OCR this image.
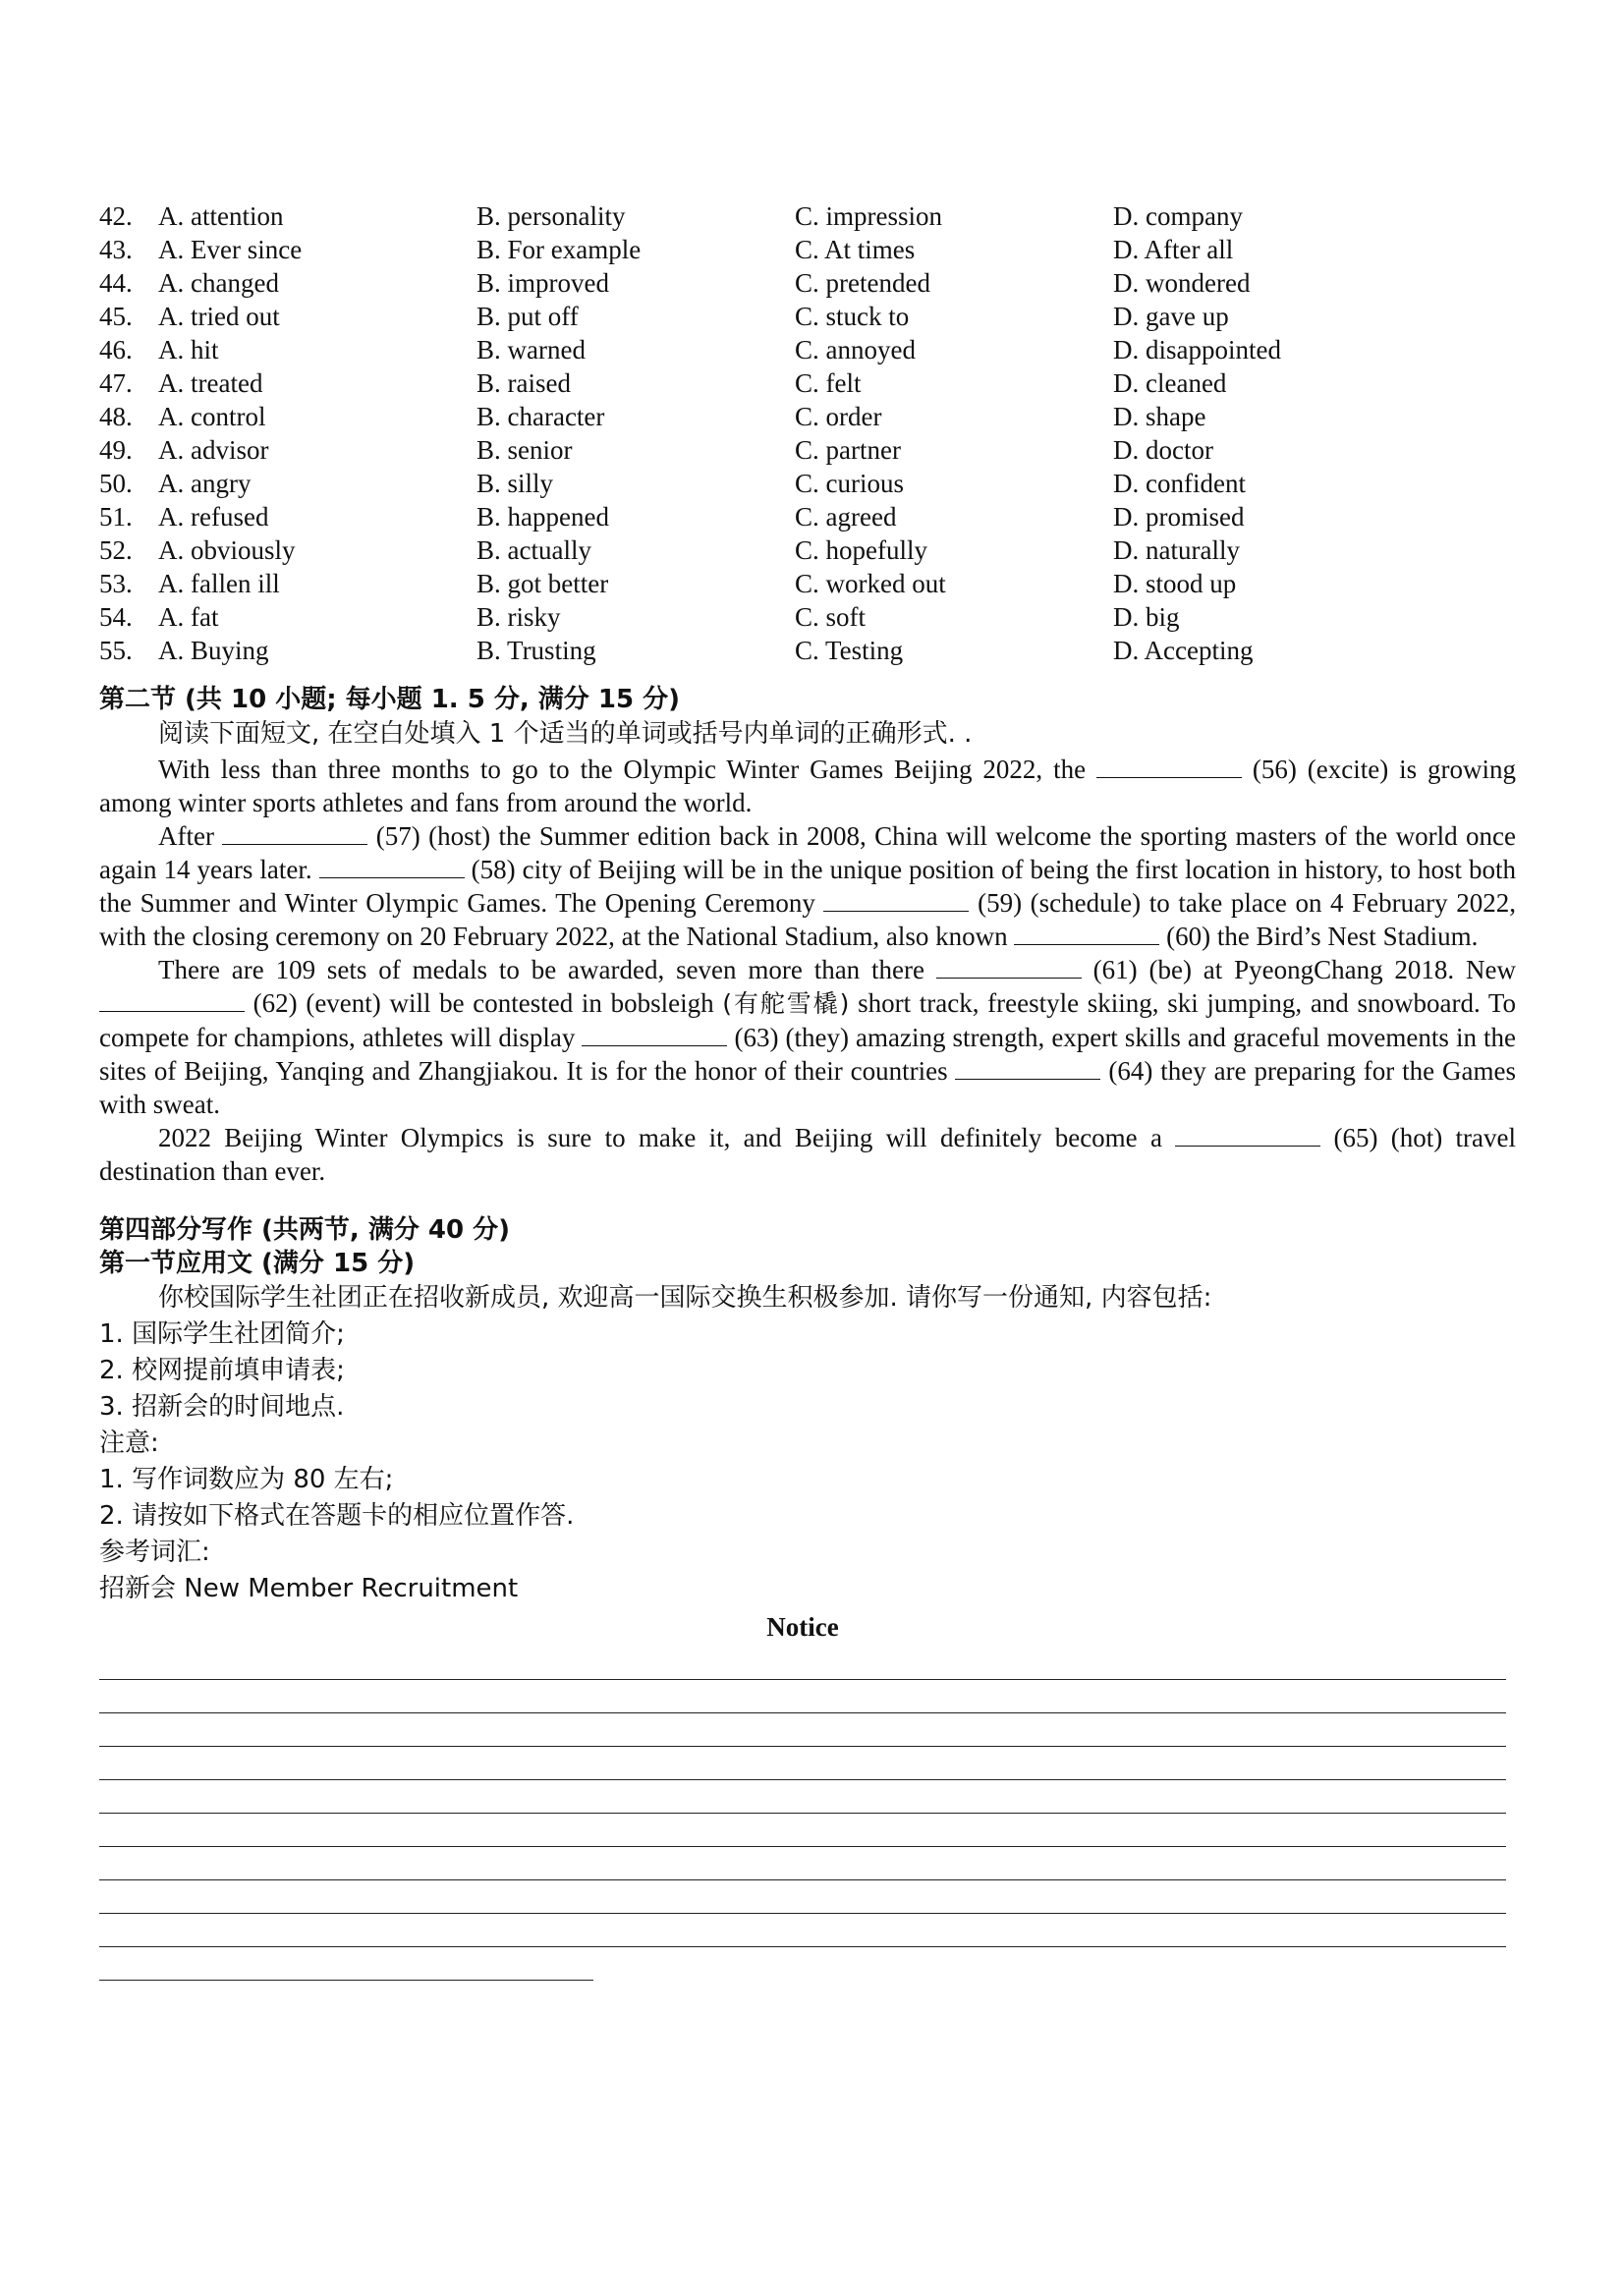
42. A. attention	B. personality	C. impression	D. company
43. A. Ever since	B. For example	C. At times	D. After all
44. A. changed	B. improved	C. pretended	D. wondered
45. A. tried out	B. put off	C. stuck to	D. gave up
46. A. hit	B. warned	C. annoyed	D. disappointed
47. A. treated	B. raised	C. felt	D. cleaned
48. A. control	B. character	C. order	D. shape
49. A. advisor	B. senior	C. partner	D. doctor
50. A. angry	B. silly	C. curious	D. confident
51. A. refused	B. happened	C. agreed	D. promised
52. A. obviously	B. actually	C. hopefully	D. naturally
53. A. fallen ill	B. got better	C. worked out	D. stood up
54. A. fat	B. risky	C. soft	D. big
55. A. Buying	B. Trusting	C. Testing	D. Accepting
第二节 (共 10 小题; 每小题 1. 5 分, 满分 15 分)
阅读下面短文, 在空白处填入 1 个适当的单词或括号内单词的正确形式. .
With less than three months to go to the Olympic Winter Games Beijing 2022, the	(56) (excite) is growing among winter sports athletes and fans from around the world.
After	(57) (host) the Summer edition back in 2008, China will welcome the sporting masters of the world once again 14 years later.	(58) city of Beijing will be in the unique position of being the first location in history, to host both the Summer and Winter Olympic Games. The Opening Ceremony	(59) (schedule) to take place on 4 February 2022, with the closing ceremony on 20 February 2022, at the National Stadium, also known	(60) the Bird’s Nest Stadium.
There are 109 sets of medals to be awarded, seven more than there	(61) (be) at PyeongChang 2018. New  (62) (event) will be contested in bobsleigh (有舵雪橇) short track, freestyle skiing, ski jumping, and snowboard. To compete for champions, athletes will display	(63) (they) amazing strength, expert skills and graceful movements in the sites of Beijing, Yanqing and Zhangjiakou. It is for the honor of their countries	(64) they are preparing for the Games with sweat.
2022 Beijing Winter Olympics is sure to make it, and Beijing will definitely become a	(65) (hot) travel destination than ever.
第四部分写作 (共两节, 满分 40 分)
第一节应用文 (满分 15 分)
你校国际学生社团正在招收新成员, 欢迎高一国际交换生积极参加. 请你写一份通知, 内容包括:
1. 国际学生社团简介;
2. 校网提前填申请表;
3. 招新会的时间地点.
注意:
1. 写作词数应为 80 左右;
2. 请按如下格式在答题卡的相应位置作答.
参考词汇:
招新会 New Member Recruitment
Notice
